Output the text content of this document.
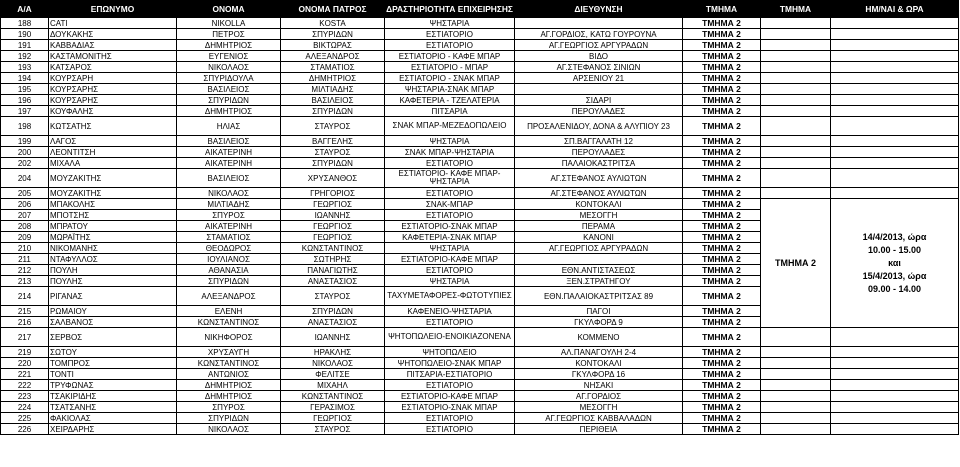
Α/Α	ΕΠΩΝΥΜΟ	ΟΝΟΜΑ	ΟΝΟΜΑ ΠΑΤΡΟΣ	ΔΡΑΣΤΗΡΙΟΤΗΤΑ ΕΠΙΧΕΙΡΗΣΗΣ	ΔΙΕΥΘΥΝΣΗ	ΤΜΗΜΑ	ΤΜΗΜΑ	ΗΜ/ΝΑΙ & ΩΡΑ
188	CATI	NIKOLLA	KOSTA	ΨΗΣΤΑΡΙΑ		ΤΜΗΜΑ 2		
190	ΔΟΥΚΑΚΗΣ	ΠΕΤΡΟΣ	ΣΠΥΡΙΔΩΝ	ΕΣΤΙΑΤΟΡΙΟ	ΑΓ.ΓΟΡΔΙΟΣ, ΚΑΤΩ ΓΟΥΡΟΥΝΑ	ΤΜΗΜΑ 2		
191	ΚΑΒΒΑΔΙΑΣ	ΔΗΜΗΤΡΙΟΣ	ΒΙΚΤΩΡΑΣ	ΕΣΤΙΑΤΟΡΙΟ	ΑΓ.ΓΕΩΡΓΙΟΣ ΑΡΓΥΡΑΔΩΝ	ΤΜΗΜΑ 2		
192	ΚΑΣΤΑΜΟΝΙΤΗΣ	ΕΥΓΕΝΙΟΣ	ΑΛΕΞΑΝΔΡΟΣ	ΕΣΤΙΑΤΟΡΙΟ - ΚΑΦΕ ΜΠΑΡ	ΒΙΔΟ	ΤΜΗΜΑ 2		
193	ΚΑΤΣΑΡΟΣ	ΝΙΚΟΛΑΟΣ	ΣΤΑΜΑΤΙΟΣ	ΕΣΤΙΑΤΟΡΙΟ - ΜΠΑΡ	ΑΓ.ΣΤΕΦΑΝΟΣ ΣΙΝΙΩΝ	ΤΜΗΜΑ 2		
194	ΚΟΥΡΣΑΡΗ	ΣΠΥΡΙΔΟΥΛΑ	ΔΗΜΗΤΡΙΟΣ	ΕΣΤΙΑΤΟΡΙΟ - ΣΝΑΚ ΜΠΑΡ	ΑΡΣΕΝΙΟΥ 21	ΤΜΗΜΑ 2		
195	ΚΟΥΡΣΑΡΗΣ	ΒΑΣΙΛΕΙΟΣ	ΜΙΛΤΙΑΔΗΣ	ΨΗΣΤΑΡΙΑ-ΣΝΑΚ ΜΠΑΡ		ΤΜΗΜΑ 2		
196	ΚΟΥΡΣΑΡΗΣ	ΣΠΥΡΙΔΩΝ	ΒΑΣΙΛΕΙΟΣ	ΚΑΦΕΤΕΡΙΑ - ΤΖΕΛΑΤΕΡΙΑ	ΣΙΔΑΡΙ	ΤΜΗΜΑ 2		
197	ΚΟΥΦΑΛΗΣ	ΔΗΜΗΤΡΙΟΣ	ΣΠΥΡΙΔΩΝ	ΠΙΤΣΑΡΙΑ	ΠΕΡΟΥΛΑΔΕΣ	ΤΜΗΜΑ 2		
198	ΚΩΤΣΑΤΗΣ	ΗΛΙΑΣ	ΣΤΑΥΡΟΣ	ΣΝΑΚ ΜΠΑΡ-ΜΕΖΕΔΟΠΩΛΕΙΟ	ΠΡΟΣΑΛΕΝΙΔΟΥ, ΔΟΝΑ & ΑΛΥΠΙΟΥ 23	ΤΜΗΜΑ 2		
199	ΛΑΓΟΣ	ΒΑΣΙΛΕΙΟΣ	ΒΑΓΓΕΛΗΣ	ΨΗΣΤΑΡΙΑ	ΣΠ.ΒΑΓΓΑΛΑΤΗ 12	ΤΜΗΜΑ 2		
200	ΛΕΟΝΤΙΤΣΗ	ΑΙΚΑΤΕΡΙΝΗ	ΣΤΑΥΡΟΣ	ΣΝΑΚ ΜΠΑΡ-ΨΗΣΤΑΡΙΑ	ΠΕΡΟΥΛΑΔΕΣ	ΤΜΗΜΑ 2		
202	ΜΙΧΑΛΑ	ΑΙΚΑΤΕΡΙΝΗ	ΣΠΥΡΙΔΩΝ	ΕΣΤΙΑΤΟΡΙΟ	ΠΑΛΑΙΟΚΑΣΤΡΙΤΣΑ	ΤΜΗΜΑ 2		
204	ΜΟΥΖΑΚΙΤΗΣ	ΒΑΣΙΛΕΙΟΣ	ΧΡΥΣΑΝΘΟΣ	ΕΣΤΙΑΤΟΡΙΟ- ΚΑΦΕ ΜΠΑΡ-ΨΗΣΤΑΡΙΑ	ΑΓ.ΣΤΕΦΑΝΟΣ ΑΥΛΙΩΤΩΝ	ΤΜΗΜΑ 2		
205	ΜΟΥΖΑΚΙΤΗΣ	ΝΙΚΟΛΑΟΣ	ΓΡΗΓΟΡΙΟΣ	ΕΣΤΙΑΤΟΡΙΟ	ΑΓ.ΣΤΕΦΑΝΟΣ ΑΥΛΙΩΤΩΝ	ΤΜΗΜΑ 2		
206	ΜΠΑΚΟΛΗΣ	ΜΙΛΤΙΑΔΗΣ	ΓΕΩΡΓΙΟΣ	ΣΝΑΚ-ΜΠΑΡ	ΚΟΝΤΟΚΑΛΙ	ΤΜΗΜΑ 2	ΤΜΗΜΑ 2	14/4/2013, ώρα
10.00 - 15.00
και
15/4/2013, ώρα
09.00 - 14.00

207	ΜΠΟΤΣΗΣ	ΣΠΥΡΟΣ	ΙΩΑΝΝΗΣ	ΕΣΤΙΑΤΟΡΙΟ	ΜΕΣΟΓΓΗ	ΤΜΗΜΑ 2		
208	ΜΠΡΑΤΟΥ	ΑΙΚΑΤΕΡΙΝΗ	ΓΕΩΡΓΙΟΣ	ΕΣΤΙΑΤΟΡΙΟ-ΣΝΑΚ ΜΠΑΡ	ΠΕΡΑΜΑ	ΤΜΗΜΑ 2		
209	ΜΩΡΑΪΤΗΣ	ΣΤΑΜΑΤΙΟΣ	ΓΕΩΡΓΙΟΣ	ΚΑΦΕΤΕΡΙΑ-ΣΝΑΚ ΜΠΑΡ	ΚΑΝΟΝΙ	ΤΜΗΜΑ 2		
210	ΝΙΚΟΜΑΝΗΣ	ΘΕΟΔΩΡΟΣ	ΚΩΝΣΤΑΝΤΙΝΟΣ	ΨΗΣΤΑΡΙΑ	ΑΓ.ΓΕΩΡΓΙΟΣ ΑΡΓΥΡΑΔΩΝ	ΤΜΗΜΑ 2		
211	ΝΤΑΦΥΛΛΟΣ	ΙΟΥΛΙΑΝΟΣ	ΣΩΤΗΡΗΣ	ΕΣΤΙΑΤΟΡΙΟ-ΚΑΦΕ ΜΠΑΡ		ΤΜΗΜΑ 2		
212	ΠΟΥΛΗ	ΑΘΑΝΑΣΙΑ	ΠΑΝΑΓΙΩΤΗΣ	ΕΣΤΙΑΤΟΡΙΟ	ΕΘΝ.ΑΝΤΙΣΤΑΣΕΩΣ	ΤΜΗΜΑ 2		
213	ΠΟΥΛΗΣ	ΣΠΥΡΙΔΩΝ	ΑΝΑΣΤΑΣΙΟΣ	ΨΗΣΤΑΡΙΑ	ΞΕΝ.ΣΤΡΑΤΗΓΟΥ	ΤΜΗΜΑ 2		
214	ΡΙΓΑΝΑΣ	ΑΛΕΞΑΝΔΡΟΣ	ΣΤΑΥΡΟΣ	ΤΑΧΥΜΕΤΑΦΟΡΕΣ-ΦΩΤΟΤΥΠΙΕΣ	ΕΘΝ.ΠΑΛΑΙΟΚΑΣΤΡΙΤΣΑΣ 89	ΤΜΗΜΑ 2		
215	ΡΩΜΑΙΟΥ	ΕΛΕΝΗ	ΣΠΥΡΙΔΩΝ	ΚΑΦΕΝΕΙΟ-ΨΗΣΤΑΡΙΑ	ΠΑΓΟΙ	ΤΜΗΜΑ 2		
216	ΣΑΛΒΑΝΟΣ	ΚΩΝΣΤΑΝΤΙΝΟΣ	ΑΝΑΣΤΑΣΙΟΣ	ΕΣΤΙΑΤΟΡΙΟ	ΓΚΥΛΦΟΡΔ 9	ΤΜΗΜΑ 2		
217	ΣΕΡΒΟΣ	ΝΙΚΗΦΟΡΟΣ	ΙΩΑΝΝΗΣ	ΨΗΤΟΠΩΛΕΙΟ-ΕΝΟΙΚΙΑΖΟΝΕΝΑ	ΚΟΜΜΕΝΟ	ΤΜΗΜΑ 2		
219	ΣΩΤΟΥ	ΧΡΥΣΑΥΓΗ	ΗΡΑΚΛΗΣ	ΨΗΤΟΠΩΛΕΙΟ	ΑΛ.ΠΑΝΑΓΟΥΛΗ 2-4	ΤΜΗΜΑ 2		
220	ΤΟΜΠΡΟΣ	ΚΩΝΣΤΑΝΤΙΝΟΣ	ΝΙΚΟΛΑΟΣ	ΨΗΤΟΠΩΛΕΙΟ-ΣΝΑΚ ΜΠΑΡ	ΚΟΝΤΟΚΑΛΙ	ΤΜΗΜΑ 2		
221	ΤΟΝΤΙ	ΑΝΤΩΝΙΟΣ	ΦΕΛΙΤΣΕ	ΠΙΤΣΑΡΙΑ-ΕΣΤΙΑΤΟΡΙΟ	ΓΚΥΛΦΟΡΔ 16	ΤΜΗΜΑ 2		
222	ΤΡΥΦΩΝΑΣ	ΔΗΜΗΤΡΙΟΣ	ΜΙΧΑΗΛ	ΕΣΤΙΑΤΟΡΙΟ	ΝΗΣΑΚΙ	ΤΜΗΜΑ 2		
223	ΤΣΑΚΙΡΙΔΗΣ	ΔΗΜΗΤΡΙΟΣ	ΚΩΝΣΤΑΝΤΙΝΟΣ	ΕΣΤΙΑΤΟΡΙΟ-ΚΑΦΕ ΜΠΑΡ	ΑΓ.ΓΟΡΔΙΟΣ	ΤΜΗΜΑ 2		
224	ΤΣΑΤΣΑΝΗΣ	ΣΠΥΡΟΣ	ΓΕΡΑΣΙΜΟΣ	ΕΣΤΙΑΤΟΡΙΟ-ΣΝΑΚ ΜΠΑΡ	ΜΕΣΟΓΓΗ	ΤΜΗΜΑ 2		
225	ΦΑΚΙΟΛΑΣ	ΣΠΥΡΙΔΩΝ	ΓΕΩΡΓΙΟΣ	ΕΣΤΙΑΤΟΡΙΟ	ΑΓ.ΓΕΩΡΓΙΟΣ ΚΑΒΒΑΛΑΔΩΝ	ΤΜΗΜΑ 2		
226	ΧΕΙΡΔΑΡΗΣ	ΝΙΚΟΛΑΟΣ	ΣΤΑΥΡΟΣ	ΕΣΤΙΑΤΟΡΙΟ	ΠΕΡΙΘΕΙΑ	ΤΜΗΜΑ 2		
